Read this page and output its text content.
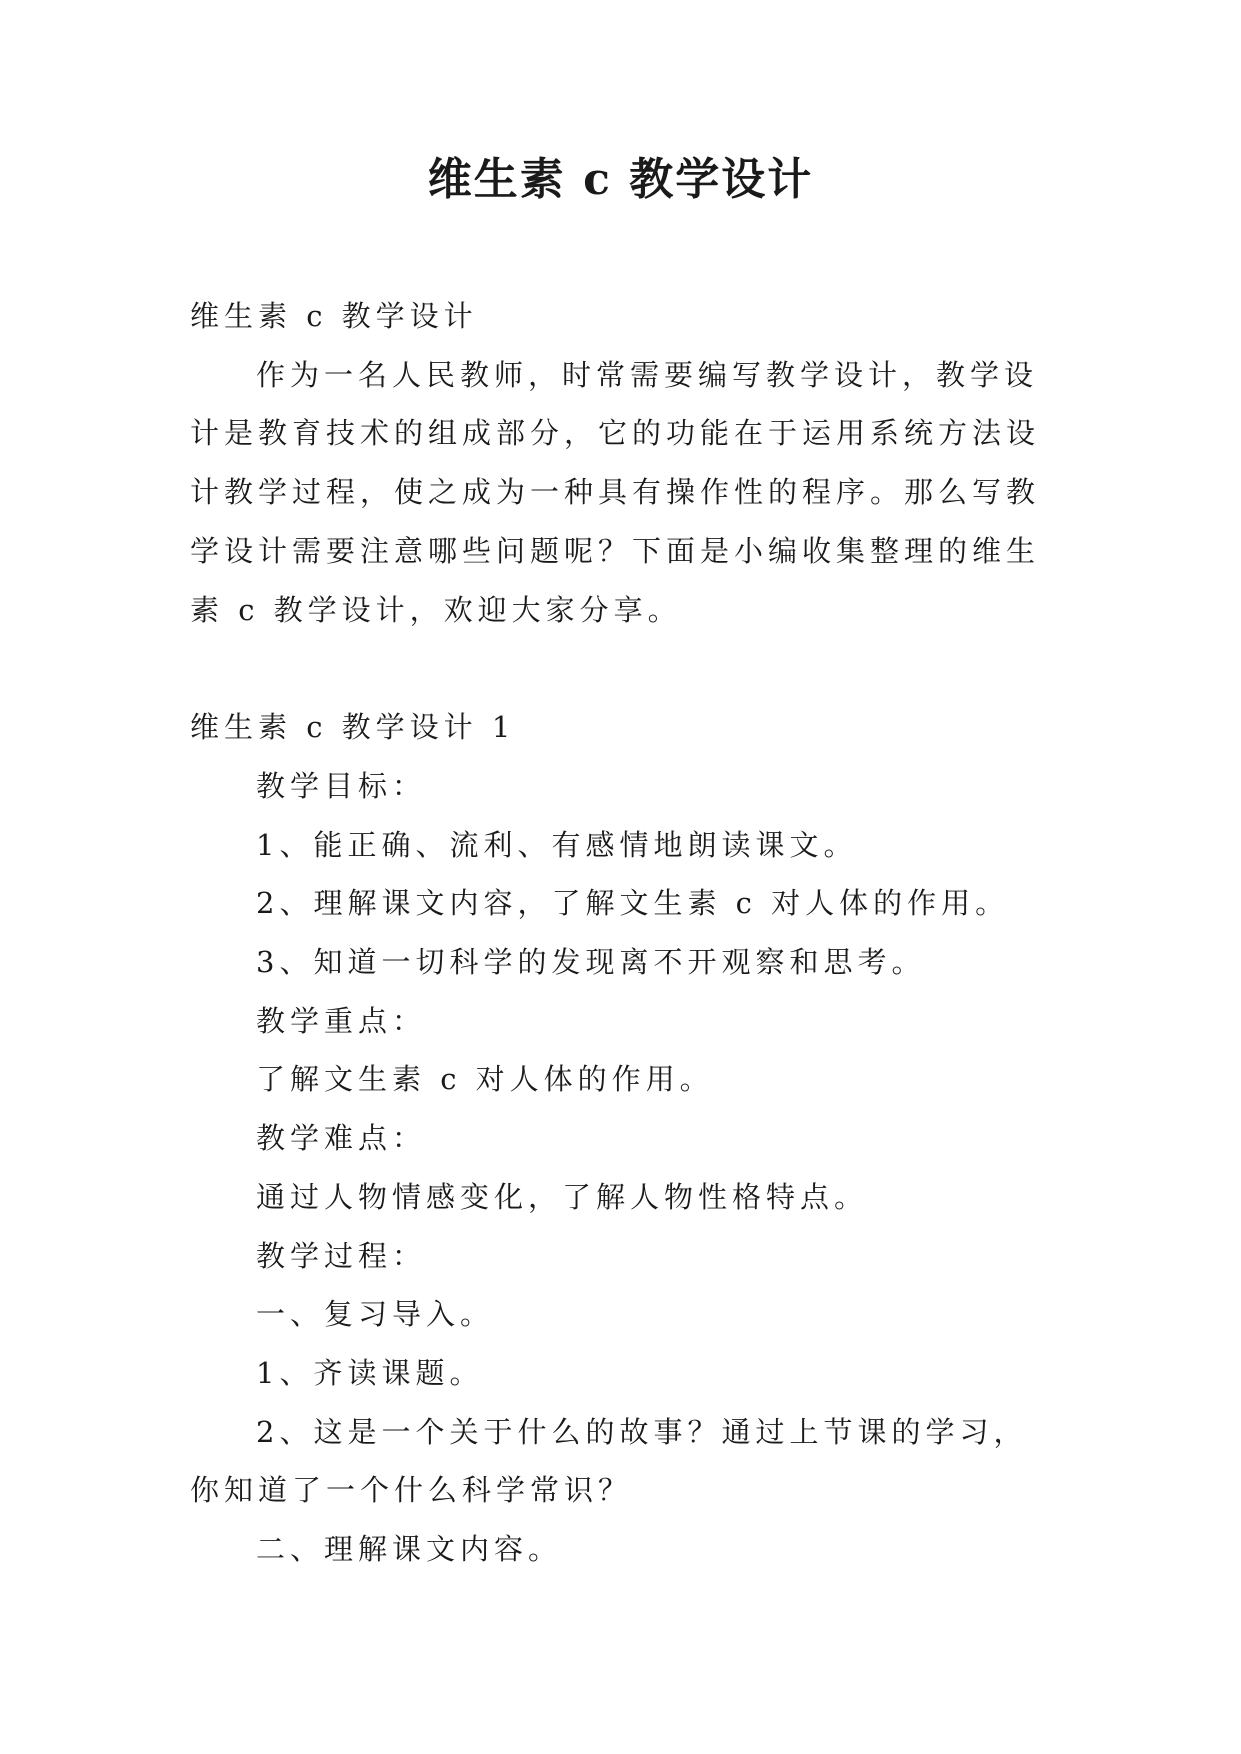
维生素 c 教学设计

维生素 c 教学设计

作为一名人民教师，时常需要编写教学设计，教学设计是教育技术的组成部分，它的功能在于运用系统方法设计教学过程，使之成为一种具有操作性的程序。那么写教学设计需要注意哪些问题呢？下面是小编收集整理的维生素 c 教学设计，欢迎大家分享。

维生素 c 教学设计 1

教学目标：

1、能正确、流利、有感情地朗读课文。

2、理解课文内容，了解文生素 c 对人体的作用。

3、知道一切科学的发现离不开观察和思考。

教学重点：

了解文生素 c 对人体的作用。

教学难点：

通过人物情感变化，了解人物性格特点。

教学过程：

一、复习导入。

1、齐读课题。

2、这是一个关于什么的故事？通过上节课的学习，你知道了一个什么科学常识？

二、理解课文内容。
